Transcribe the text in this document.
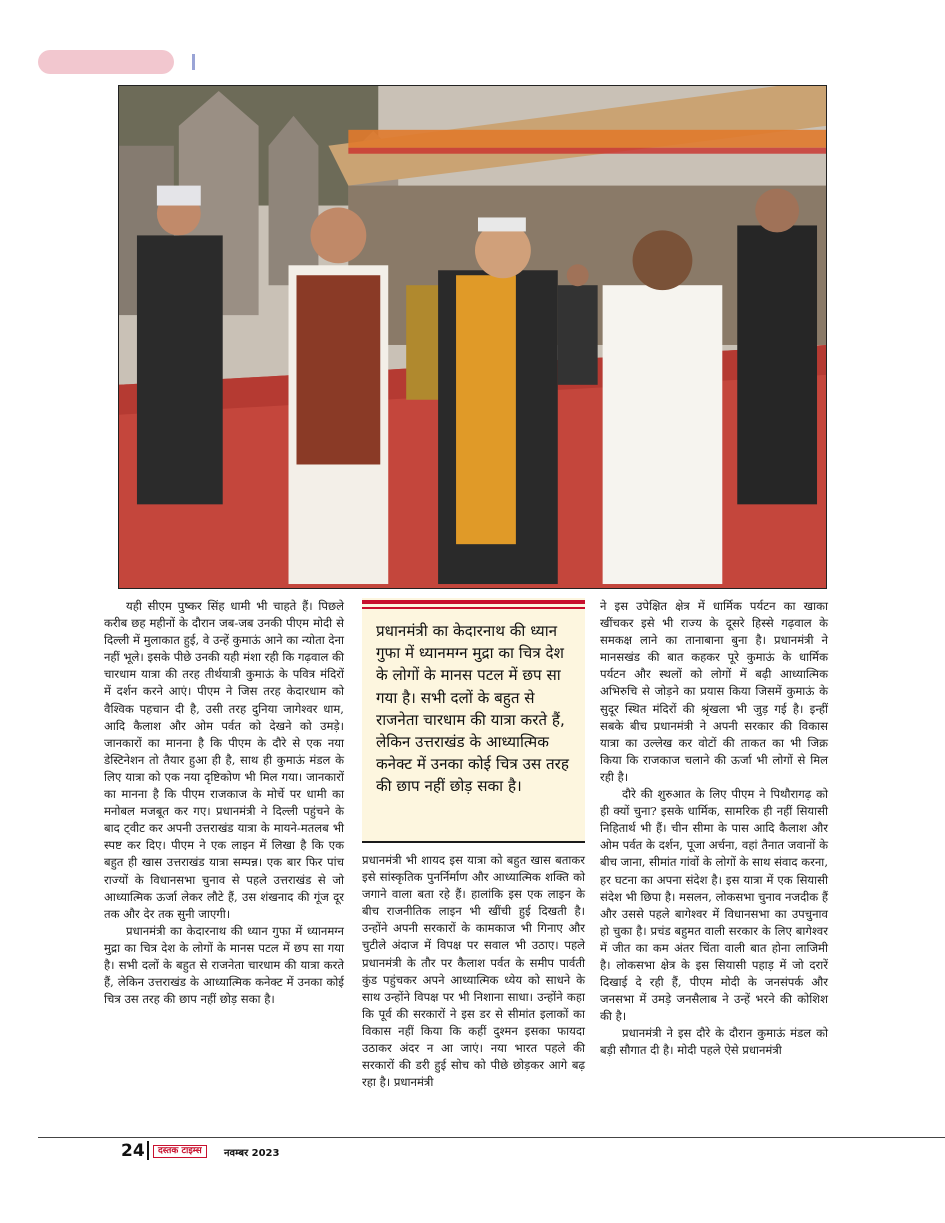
यही सीएम पुष्कर सिंह धामी भी चाहते हैं। पिछले करीब छह महीनों के दौरान जब-जब उनकी पीएम मोदी से दिल्ली में मुलाकात हुई, वे उन्हें कुमाऊं आने का न्योता देना नहीं भूले। इसके पीछे उनकी यही मंशा रही कि गढ़वाल की चारधाम यात्रा की तरह तीर्थयात्री कुमाऊं के पवित्र मंदिरों में दर्शन करने आएं। पीएम ने जिस तरह केदारधाम को वैश्विक पहचान दी है, उसी तरह दुनिया जागेश्वर धाम, आदि कैलाश और ओम पर्वत को देखने को उमड़े। जानकारों का मानना है कि पीएम के दौरे से एक नया डेस्टिनेशन तो तैयार हुआ ही है, साथ ही कुमाऊं मंडल के लिए यात्रा को एक नया दृष्टिकोण भी मिल गया। जानकारों का मानना है कि पीएम राजकाज के मोर्चे पर धामी का मनोबल मजबूत कर गए। प्रधानमंत्री ने दिल्ली पहुंचने के बाद ट्वीट कर अपनी उत्तराखंड यात्रा के मायने-मतलब भी स्पष्ट कर दिए। पीएम ने एक लाइन में लिखा है कि एक बहुत ही खास उत्तराखंड यात्रा सम्पन्न। एक बार फिर पांच राज्यों के विधानसभा चुनाव से पहले उत्तराखंड से जो आध्यात्मिक ऊर्जा लेकर लौटे हैं, उस शंखनाद की गूंज दूर तक और देर तक सुनी जाएगी।

प्रधानमंत्री का केदारनाथ की ध्यान गुफा में ध्यानमग्न मुद्रा का चित्र देश के लोगों के मानस पटल में छप सा गया है। सभी दलों के बहुत से राजनेता चारधाम की यात्रा करते हैं, लेकिन उत्तराखंड के आध्यात्मिक कनेक्ट में उनका कोई चित्र उस तरह की छाप नहीं छोड़ सका है।

प्रधानमंत्री का केदारनाथ की ध्यान गुफा में ध्यानमग्न मुद्रा का चित्र देश के लोगों के मानस पटल में छप सा गया है। सभी दलों के बहुत से राजनेता चारधाम की यात्रा करते हैं, लेकिन उत्तराखंड के आध्यात्मिक कनेक्ट में उनका कोई चित्र उस तरह की छाप नहीं छोड़ सका है।

प्रधानमंत्री भी शायद इस यात्रा को बहुत खास बताकर इसे सांस्कृतिक पुनर्निर्माण और आध्यात्मिक शक्ति को जगाने वाला बता रहे हैं। हालांकि इस एक लाइन के बीच राजनीतिक लाइन भी खींची हुई दिखती है। उन्होंने अपनी सरकारों के कामकाज भी गिनाए और चुटीले अंदाज में विपक्ष पर सवाल भी उठाए। पहले प्रधानमंत्री के तौर पर कैलाश पर्वत के समीप पार्वती कुंड पहुंचकर अपने आध्यात्मिक ध्येय को साधने के साथ उन्होंने विपक्ष पर भी निशाना साधा। उन्होंने कहा कि पूर्व की सरकारों ने इस डर से सीमांत इलाकों का विकास नहीं किया कि कहीं दुश्मन इसका फायदा उठाकर अंदर न आ जाएं। नया भारत पहले की सरकारों की डरी हुई सोच को पीछे छोड़कर आगे बढ़ रहा है। प्रधानमंत्री

ने इस उपेक्षित क्षेत्र में धार्मिक पर्यटन का खाका खींचकर इसे भी राज्य के दूसरे हिस्से गढ़वाल के समकक्ष लाने का तानाबाना बुना है। प्रधानमंत्री ने मानसखंड की बात कहकर पूरे कुमाऊं के धार्मिक पर्यटन और स्थलों को लोगों में बढ़ी आध्यात्मिक अभिरुचि से जोड़ने का प्रयास किया जिसमें कुमाऊं के सुदूर स्थित मंदिरों की श्रृंखला भी जुड़ गई है। इन्हीं सबके बीच प्रधानमंत्री ने अपनी सरकार की विकास यात्रा का उल्लेख कर वोटों की ताकत का भी जिक्र किया कि राजकाज चलाने की ऊर्जा भी लोगों से मिल रही है।

दौरे की शुरुआत के लिए पीएम ने पिथौरागढ़ को ही क्यों चुना? इसके धार्मिक, सामरिक ही नहीं सियासी निहितार्थ भी हैं। चीन सीमा के पास आदि कैलाश और ओम पर्वत के दर्शन, पूजा अर्चना, वहां तैनात जवानों के बीच जाना, सीमांत गांवों के लोगों के साथ संवाद करना, हर घटना का अपना संदेश है। इस यात्रा में एक सियासी संदेश भी छिपा है। मसलन, लोकसभा चुनाव नजदीक हैं और उससे पहले बागेश्वर में विधानसभा का उपचुनाव हो चुका है। प्रचंड बहुमत वाली सरकार के लिए बागेश्वर में जीत का कम अंतर चिंता वाली बात होना लाजिमी है। लोकसभा क्षेत्र के इस सियासी पहाड़ में जो दरारें दिखाई दे रही हैं, पीएम मोदी के जनसंपर्क और जनसभा में उमड़े जनसैलाब ने उन्हें भरने की कोशिश की है।

प्रधानमंत्री ने इस दौरे के दौरान कुमाऊं मंडल को बड़ी सौगात दी है। मोदी पहले ऐसे प्रधानमंत्री

24	दस्तक टाइम्स	नवम्बर 2023
